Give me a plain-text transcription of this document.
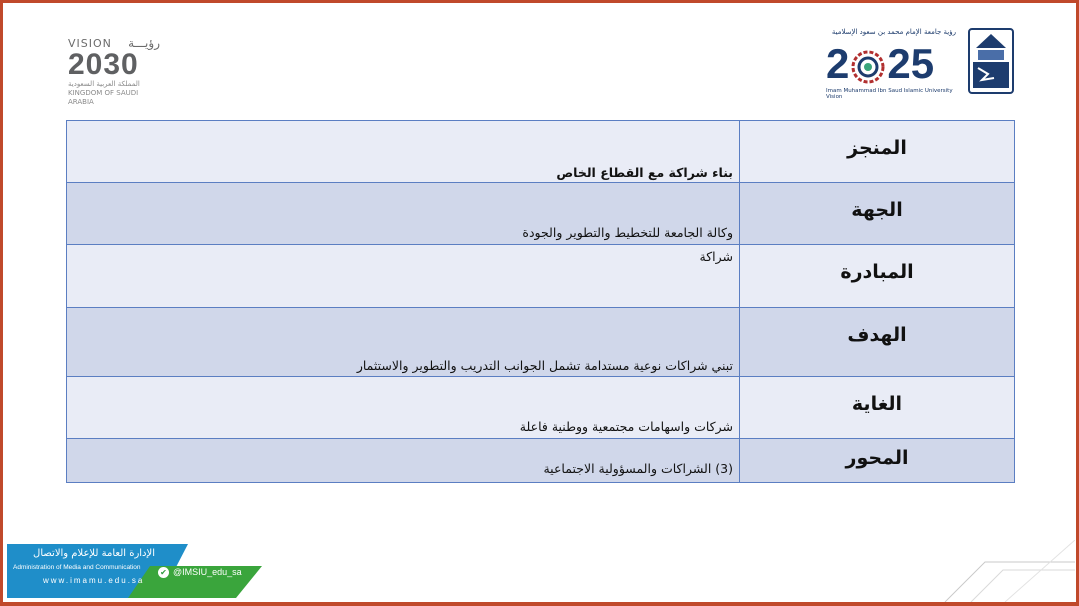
VISION رؤيـــة
2030
المملكة العربية السعودية
KINGDOM OF SAUDI ARABIA
رؤية جامعة الإمام محمد بن سعود الإسلامية
2 25
Imam Muhammad Ibn Saud Islamic University Vision
المنجز	بناء شراكة مع القطاع الخاص

الجهة	وكالة الجامعة للتخطيط والتطوير والجودة

المبادرة	شراكة

الهدف	تبني شراكات نوعية مستدامة تشمل الجوانب التدريب والتطوير والاستثمار

الغاية	شركات واسهامات مجتمعية ووطنية فاعلة

المحور	(3) الشراكات والمسؤولية الاجتماعية
الإدارة العامة للإعلام والاتصال
Administration of Media and Communication
www.imamu.edu.sa
✔ @IMSIU_edu_sa
